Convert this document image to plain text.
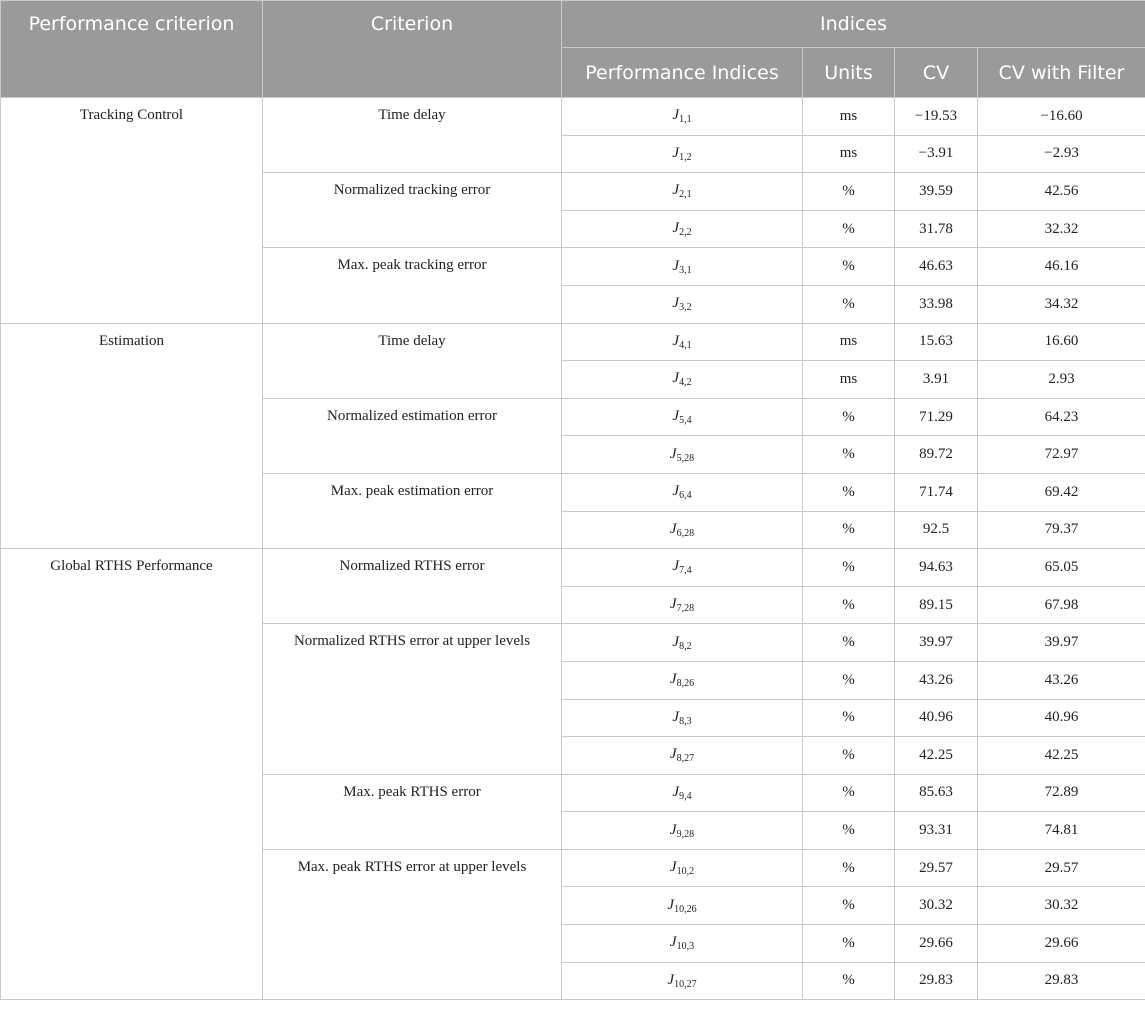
Performance criterion	Criterion	Indices			
		Performance Indices	Units	CV	CV with Filter
Tracking Control	Time delay	$J_{1,1}$	ms	−19.53	−16.60
		$J_{1,2}$	ms	−3.91	−2.93
	Normalized tracking error	$J_{2,1}$	%	39.59	42.56
		$J_{2,2}$	%	31.78	32.32
	Max. peak tracking error	$J_{3,1}$	%	46.63	46.16
		$J_{3,2}$	%	33.98	34.32
Estimation	Time delay	$J_{4,1}$	ms	15.63	16.60
		$J_{4,2}$	ms	3.91	2.93
	Normalized estimation error	$J_{5,4}$	%	71.29	64.23
		$J_{5,28}$	%	89.72	72.97
	Max. peak estimation error	$J_{6,4}$	%	71.74	69.42
		$J_{6,28}$	%	92.5	79.37
Global RTHS Performance	Normalized RTHS error	$J_{7,4}$	%	94.63	65.05
		$J_{7,28}$	%	89.15	67.98
	Normalized RTHS error at upper levels	$J_{8,2}$	%	39.97	39.97
		$J_{8,26}$	%	43.26	43.26
		$J_{8,3}$	%	40.96	40.96
		$J_{8,27}$	%	42.25	42.25
	Max. peak RTHS error	$J_{9,4}$	%	85.63	72.89
		$J_{9,28}$	%	93.31	74.81
	Max. peak RTHS error at upper levels	$J_{10,2}$	%	29.57	29.57
		$J_{10,26}$	%	30.32	30.32
		$J_{10,3}$	%	29.66	29.66
		$J_{10,27}$	%	29.83	29.83
